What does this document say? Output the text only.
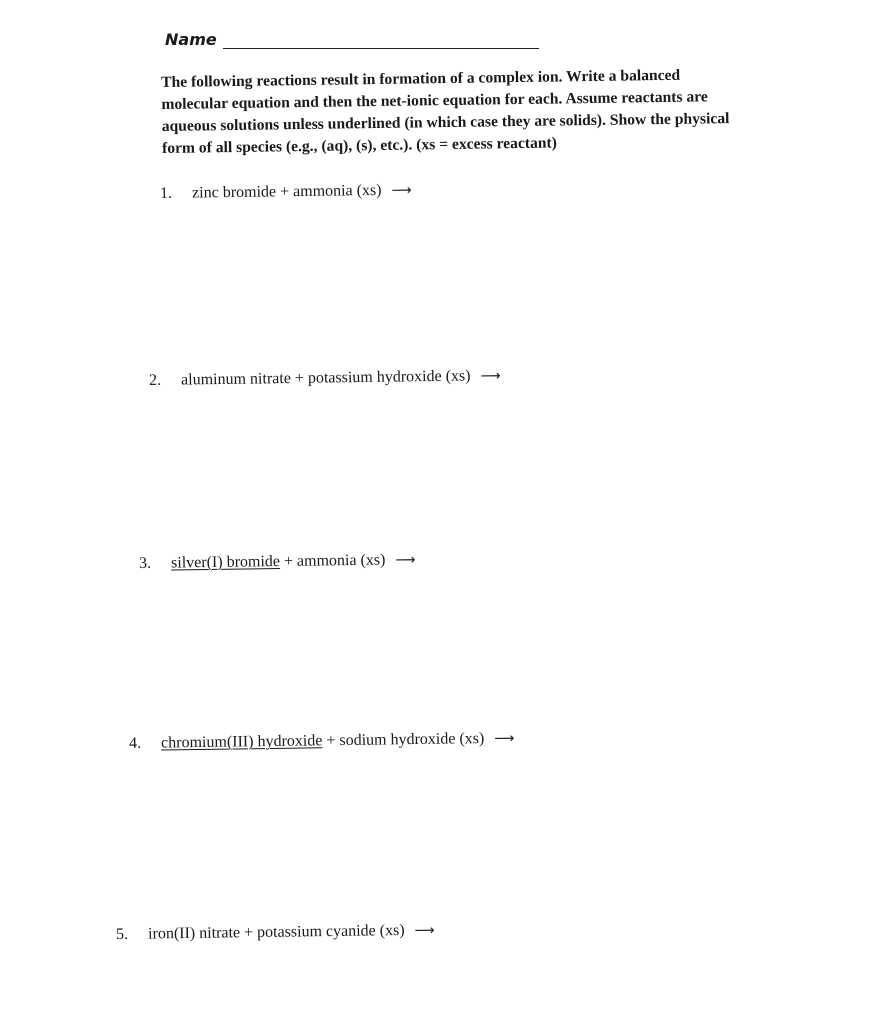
Name
The following reactions result in formation of a complex ion. Write a balanced molecular equation and then the net-ionic equation for each. Assume reactants are aqueous solutions unless underlined (in which case they are solids). Show the physical form of all species (e.g., (aq), (s), etc.). (xs = excess reactant)
1. zinc bromide + ammonia (xs) ⟶
2. aluminum nitrate + potassium hydroxide (xs) ⟶
3. silver(I) bromide + ammonia (xs) ⟶
4. chromium(III) hydroxide + sodium hydroxide (xs) ⟶
5. iron(II) nitrate + potassium cyanide (xs) ⟶
